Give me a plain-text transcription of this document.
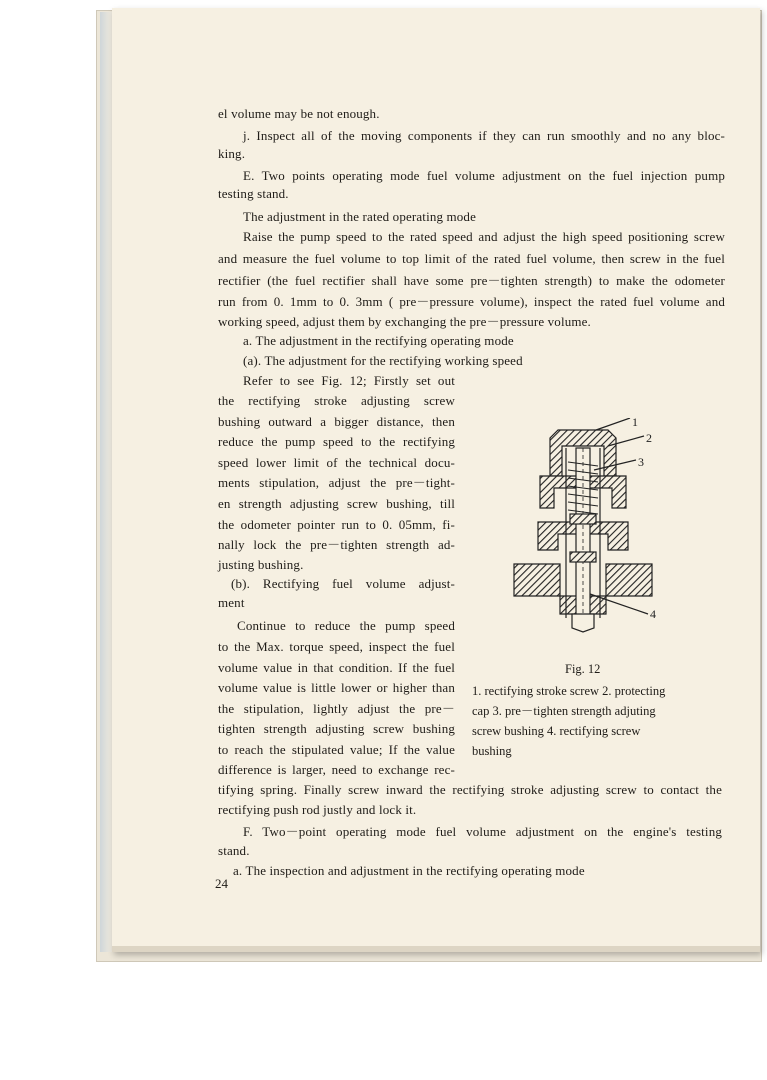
el volume may be not enough.
j. Inspect all of the moving components if they can run smoothly and no any bloc-
king.
E. Two points operating mode fuel volume adjustment on the fuel injection pump
testing stand.
The adjustment in the rated operating mode
Raise the pump speed to the rated speed and adjust the high speed positioning screw
and measure the fuel volume to top limit of the rated fuel volume, then screw in the fuel
rectifier (the fuel rectifier shall have some pre－tighten strength) to make the odometer
run from 0. 1mm to 0. 3mm ( pre－pressure volume), inspect the rated fuel volume and
working speed, adjust them by exchanging the pre－pressure volume.
a. The adjustment in the rectifying operating mode
(a). The adjustment for the rectifying working speed
Refer to see Fig. 12; Firstly set out
the rectifying stroke adjusting screw
bushing outward a bigger distance, then
reduce the pump speed to the rectifying
speed lower limit of the technical docu-
ments stipulation, adjust the pre－tight-
en strength adjusting screw bushing, till
the odometer pointer run to 0. 05mm, fi-
nally lock the pre－tighten strength ad-
justing bushing.
(b). Rectifying fuel volume adjust-
ment
Continue to reduce the pump speed
to the Max. torque speed, inspect the fuel
volume value in that condition. If the fuel
volume value is little lower or higher than
the stipulation, lightly adjust the pre－
tighten strength adjusting screw bushing
to reach the stipulated value; If the value
difference is larger, need to exchange rec-
tifying spring. Finally screw inward the rectifying stroke adjusting screw to contact the
rectifying push rod justly and lock it.
F. Two－point operating mode fuel volume adjustment on the engine's testing
stand.
a. The inspection and adjustment in the rectifying operating mode
24
1
2
3
4
Fig. 12
1. rectifying stroke screw 2. protecting
cap 3. pre－tighten strength adjuting
screw bushing 4. rectifying screw
bushing
